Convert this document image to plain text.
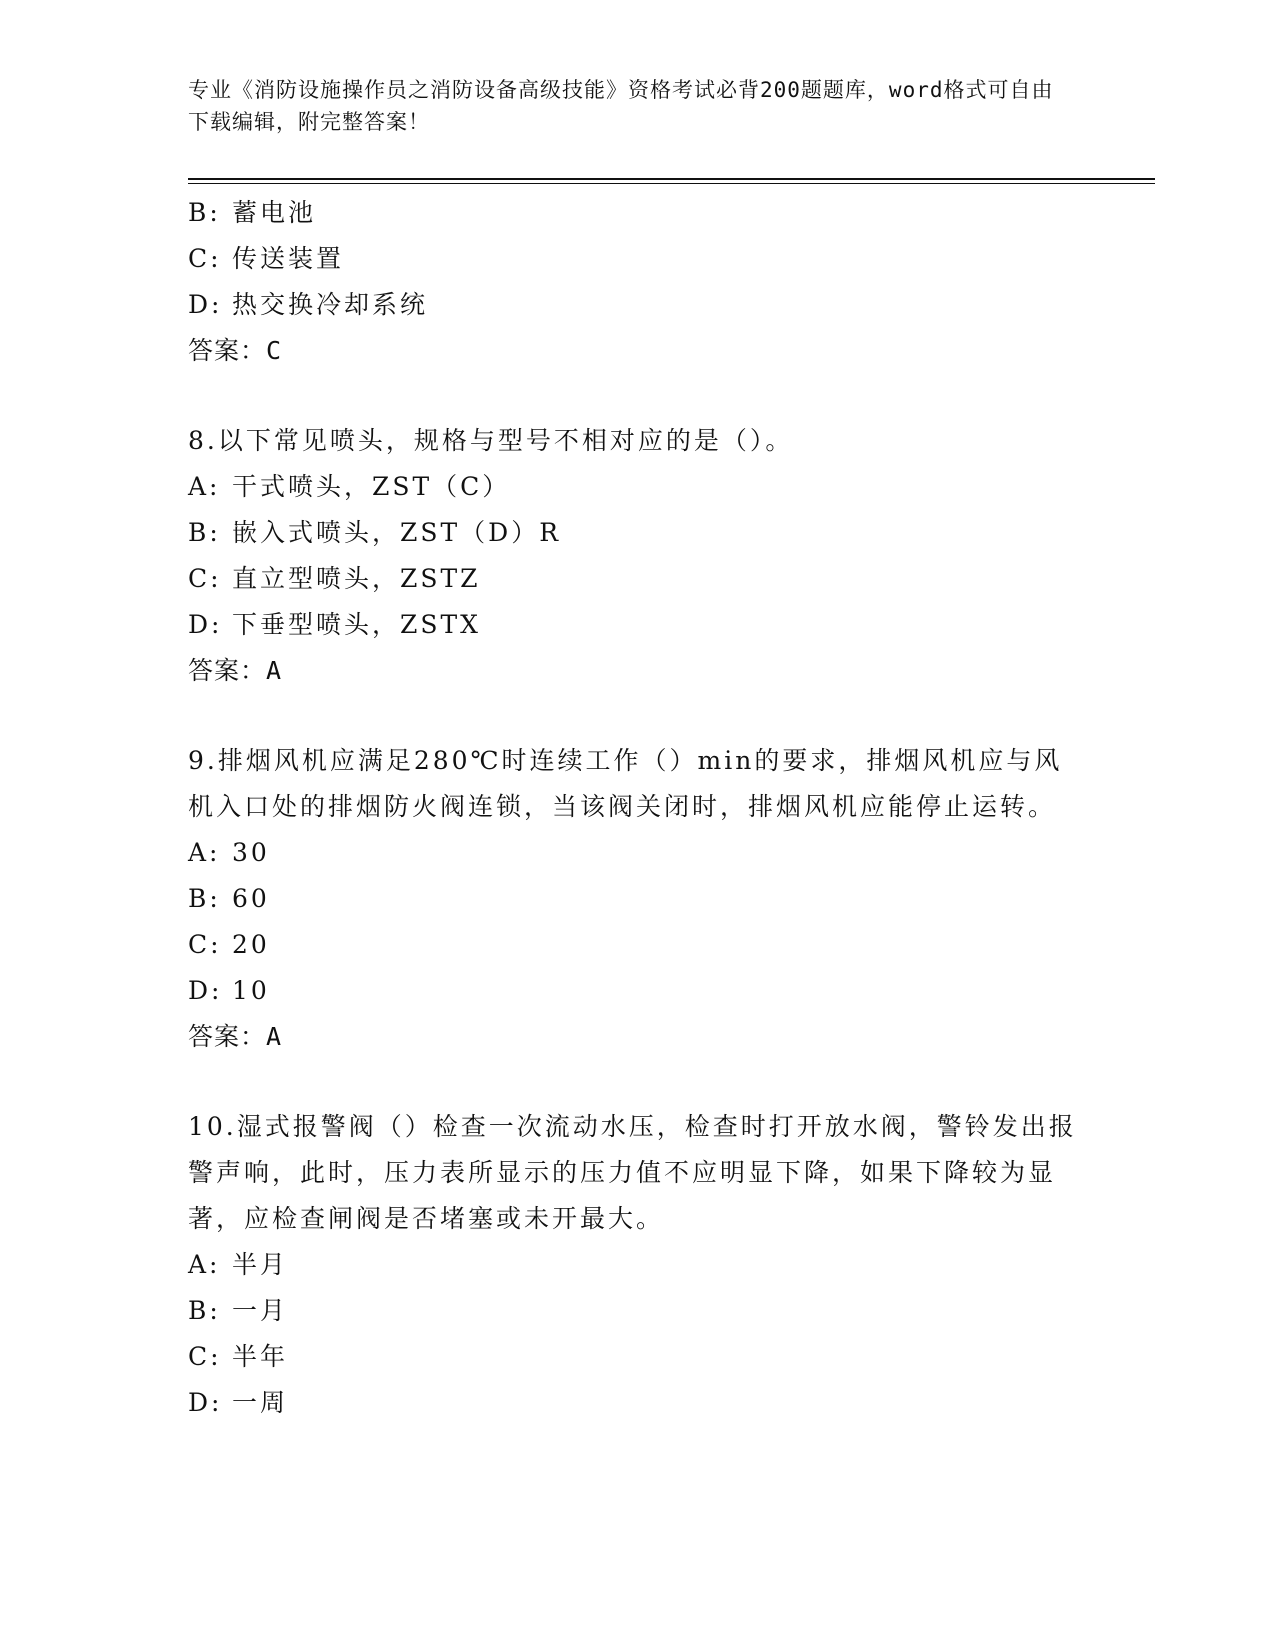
专业《消防设施操作员之消防设备高级技能》资格考试必背200题题库，word格式可自由下载编辑，附完整答案！
B: 蓄电池
C: 传送装置
D: 热交换冷却系统
答案：C
8.以下常见喷头，规格与型号不相对应的是（）。
A: 干式喷头，ZST（C）
B: 嵌入式喷头，ZST（D）R
C: 直立型喷头，ZSTZ
D: 下垂型喷头，ZSTX
答案：A
9.排烟风机应满足280℃时连续工作（）min的要求，排烟风机应与风机入口处的排烟防火阀连锁，当该阀关闭时，排烟风机应能停止运转。
A: 30
B: 60
C: 20
D: 10
答案：A
10.湿式报警阀（）检查一次流动水压，检查时打开放水阀，警铃发出报警声响，此时，压力表所显示的压力值不应明显下降，如果下降较为显著，应检查闸阀是否堵塞或未开最大。
A: 半月
B: 一月
C: 半年
D: 一周
